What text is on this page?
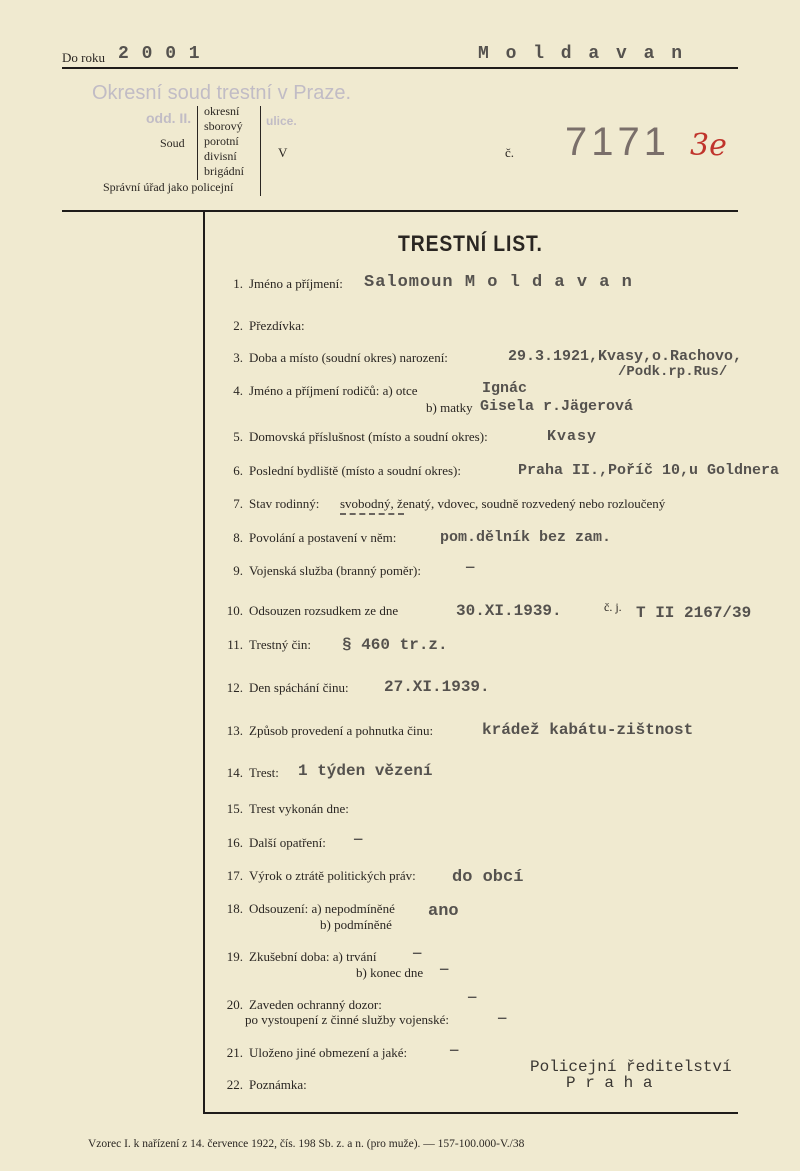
Do roku 2 0 0 1	M o l d a v a n
Okresní soud trestní v Praze.
odd. II.	ulice.
Soud
okresní
sborový
porotní
divisní
brigádní
Správní úřad jako policejní
V	č. 7171 3e
TRESTNÍ LIST.
1. Jméno a příjmení: Salomoun M o l d a v a n
2. Přezdívka:
3. Doba a místo (soudní okres) narození:	29.3.1921,Kvasy,o.Rachovo,
/Podk.rp.Rus/
4. Jméno a příjmení rodičů: a) otce	Ignác
b) matky Gisela r.Jägerová
5. Domovská příslušnost (místo a soudní okres):	Kvasy
6. Poslední bydliště (místo a soudní okres):	Praha II.,Poříč 10,u Goldnera
7. Stav rodinný: svobodný, ženatý, vdovec, soudně rozvedený nebo rozloučený
8. Povolání a postavení v něm:	pom.dělník bez zam.
9. Vojenská služba (branný poměr):	—
10. Odsouzen rozsudkem ze dne	30.XI.1939.	č. j. T II 2167/39
11. Trestný čin: § 460 tr.z.
12. Den spáchání činu: 27.XI.1939.
13. Způsob provedení a pohnutka činu:	krádež kabátu-zištnost
14. Trest: 1 týden vězení
15. Trest vykonán dne:
16. Další opatření: —
17. Výrok o ztrátě politických práv: do obcí
18. Odsouzení: a) nepodmíněné ano
b) podmíněné
19. Zkušební doba: a) trvání	—
b) konec dne —
20. Zaveden ochranný dozor:	—
po vystoupení z činné služby vojenské:	—
21. Uloženo jiné obmezení a jaké:	—
22. Poznámka:
Policejní ředitelství
P r a h a
Vzorec I. k nařízení z 14. července 1922, čís. 198 Sb. z. a n. (pro muže). — 157-100.000-V./38
